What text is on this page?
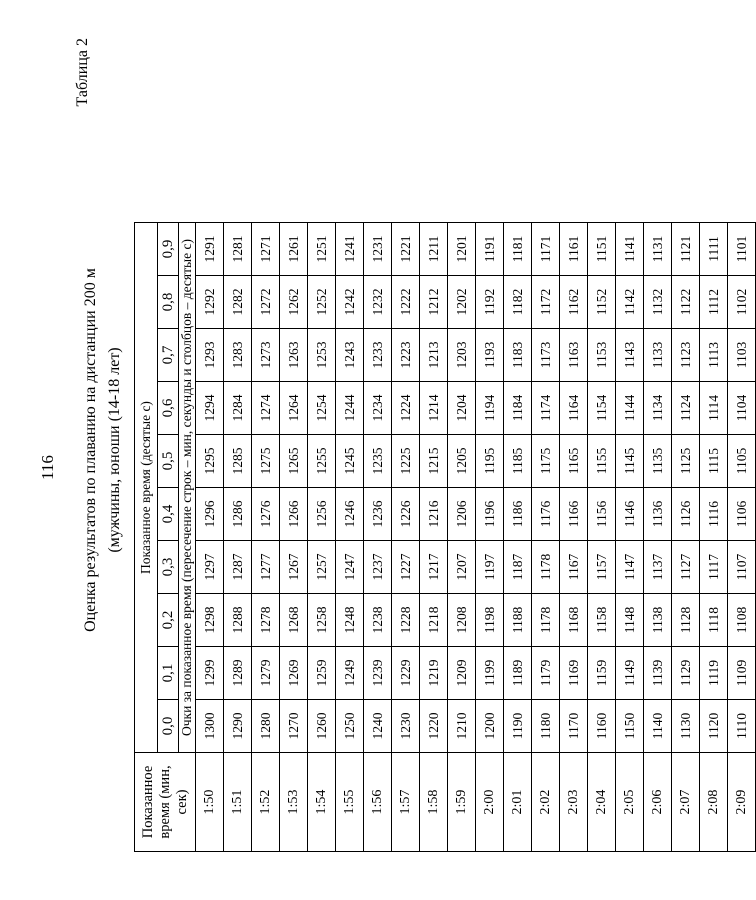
116
Таблица 2
Оценка результатов по плаванию на дистанции 200 м (мужчины, юноши (14-18 лет)
Показанное время (мин, сек)	Показанное время (десятые с)									
	0,0	0,1	0,2	0,3	0,4	0,5	0,6	0,7	0,8	0,9
	Очки за показанное время (пересечение строк – мин, секунды и столбцов – десятые с)									
1:50	1300	1299	1298	1297	1296	1295	1294	1293	1292	1291
1:51	1290	1289	1288	1287	1286	1285	1284	1283	1282	1281
1:52	1280	1279	1278	1277	1276	1275	1274	1273	1272	1271
1:53	1270	1269	1268	1267	1266	1265	1264	1263	1262	1261
1:54	1260	1259	1258	1257	1256	1255	1254	1253	1252	1251
1:55	1250	1249	1248	1247	1246	1245	1244	1243	1242	1241
1:56	1240	1239	1238	1237	1236	1235	1234	1233	1232	1231
1:57	1230	1229	1228	1227	1226	1225	1224	1223	1222	1221
1:58	1220	1219	1218	1217	1216	1215	1214	1213	1212	1211
1:59	1210	1209	1208	1207	1206	1205	1204	1203	1202	1201
2:00	1200	1199	1198	1197	1196	1195	1194	1193	1192	1191
2:01	1190	1189	1188	1187	1186	1185	1184	1183	1182	1181
2:02	1180	1179	1178	1178	1176	1175	1174	1173	1172	1171
2:03	1170	1169	1168	1167	1166	1165	1164	1163	1162	1161
2:04	1160	1159	1158	1157	1156	1155	1154	1153	1152	1151
2:05	1150	1149	1148	1147	1146	1145	1144	1143	1142	1141
2:06	1140	1139	1138	1137	1136	1135	1134	1133	1132	1131
2:07	1130	1129	1128	1127	1126	1125	1124	1123	1122	1121
2:08	1120	1119	1118	1117	1116	1115	1114	1113	1112	1111
2:09	1110	1109	1108	1107	1106	1105	1104	1103	1102	1101
